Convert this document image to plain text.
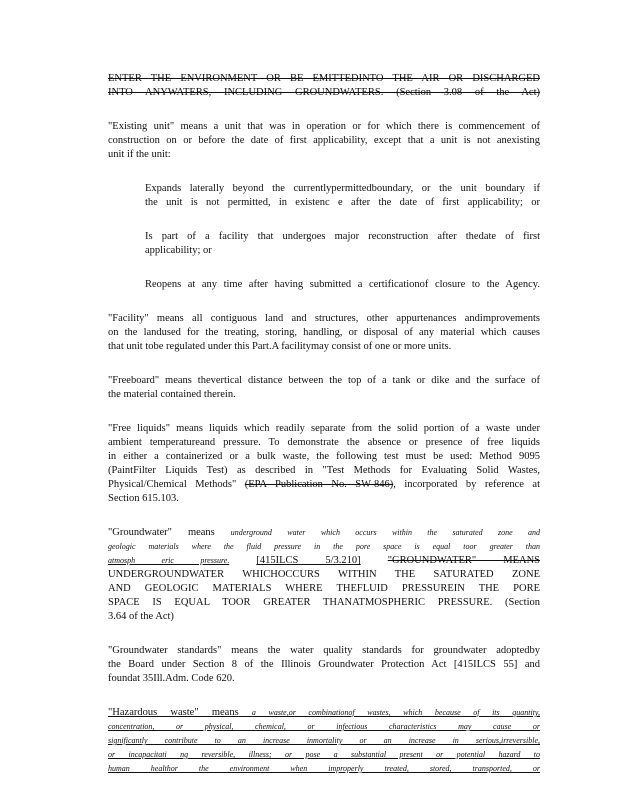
ENTER THE ENVIRONMENT OR BE EMITTEDINTO THE AIR OR DISCHARGED
INTO ANYWATERS, INCLUDING GROUNDWATERS. (Section 3.08 of the Act)
"Existing unit" means a unit that was in operation or for which there is commencement of
construction on or before the date of first applicability, except that a unit is not anexisting
unit if the unit:
Expands laterally beyond the currentlypermittedboundary, or the unit boundary if
the unit is not permitted, in existenc e after the date of first applicability; or
Is part of a facility that undergoes major reconstruction after thedate of first
applicability; or
Reopens at any time after having submitted a certificationof closure to the Agency.
"Facility" means all contiguous land and structures, other appurtenances andimprovements
on the landused for the treating, storing, handling, or disposal of any material which causes
that unit tobe regulated under this Part.A facilitymay consist of one or more units.
"Freeboard" means thevertical distance between the top of a tank or dike and the surface of
the material contained therein.
"Free liquids" means liquids which readily separate from the solid portion of a waste under
ambient temperatureand pressure. To demonstrate the absence or presence of free liquids
in either a containerized or a bulk waste, the following test must be used: Method 9095
(PaintFilter Liquids Test) as described in "Test Methods for Evaluating Solid Wastes,
Physical/Chemical Methods" (EPA Publication No. SW-846), incorporated by reference at
Section 615.103.
"Groundwater" means underground water which occurs within the saturated zone and
geologic materials where the fluid pressure in the pore space is equal toor greater than
atmosph eric pressure.	[415ILCS 5/3.210]	"GROUNDWATER" MEANS
UNDERGROUNDWATER WHICHOCCURS WITHIN THE SATURATED ZONE
AND GEOLOGIC MATERIALS WHERE THEFLUID PRESSUREIN THE PORE
SPACE IS EQUAL TOOR GREATER THANATMOSPHERIC PRESSURE. (Section
3.64 of the Act)
"Groundwater standards" means the water quality standards for groundwater adoptedby
the Board under Section 8 of the Illinois Groundwater Protection Act [415ILCS 55] and
foundat 35Ill.Adm. Code 620.
"Hazardous waste" means a waste,or combinationof wastes, which because of its quantity,
concentration, or physical, chemical, or infectious characteristics may cause or
significantly contribute to an increase inmortality or an increase in serious,irreversible,
or incapacitati ng reversible, illness; or pose a substantial present or potential hazard to
human healthor the environment when improperly treated, stored, transported, or
